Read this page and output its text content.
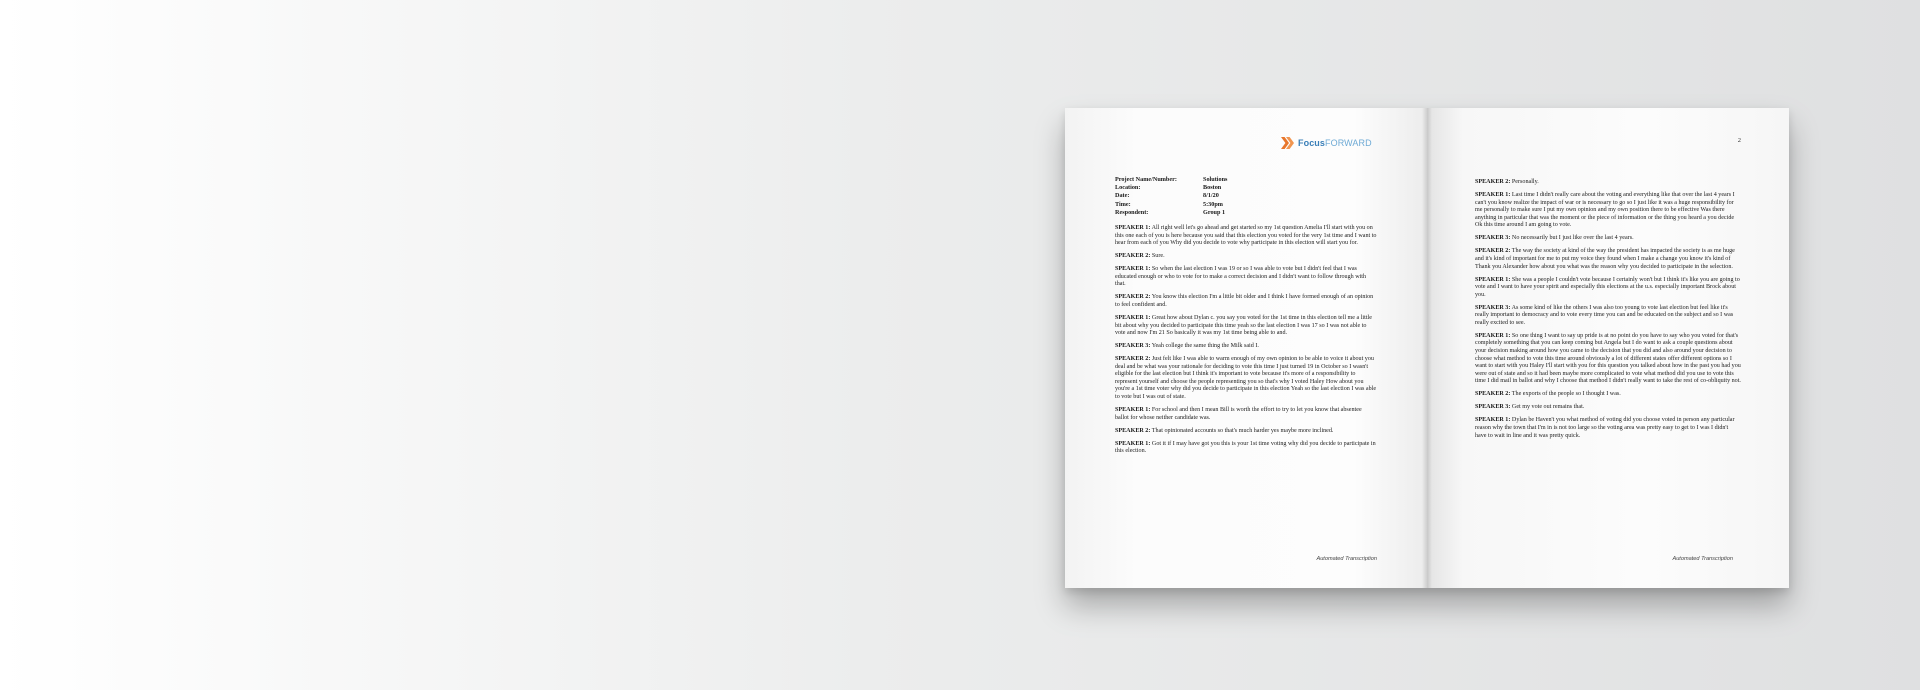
FocusFORWARD
Project Name/Number:	Solutions
Location:	Boston
Date:	8/1/20
Time:	5:30pm
Respondent:	Group 1

SPEAKER 1: All right well let's go ahead and get started so my 1st question Amelia I'll start with you on this one each of you is here because you said that this election you voted for the very 1st time and I want to hear from each of you Why did you decide to vote why participate in this election will start you for.

SPEAKER 2: Sure.

SPEAKER 1: So when the last election I was 19 or so I was able to vote but I didn't feel that I was educated enough or who to vote for to make a correct decision and I didn't want to follow through with that.

SPEAKER 2: You know this election I'm a little bit older and I think I have formed enough of an opinion to feel confident and.

SPEAKER 1: Great how about Dylan c. you say you voted for the 1st time in this election tell me a little bit about why you decided to participate this time yeah so the last election I was 17 so I was not able to vote and now I'm 21 So basically it was my 1st time being able to and.

SPEAKER 3: Yeah college the same thing the Milk said I.

SPEAKER 2: Just felt like I was able to warm enough of my own opinion to be able to voice it about you deal and be what was your rationale for deciding to vote this time I just turned 19 in October so I wasn't eligible for the last election but I think it's important to vote because it's more of a responsibility to represent yourself and choose the people representing you so that's why I voted Haley How about you you're a 1st time voter why did you decide to participate in this election Yeah so the last election I was able to vote but I was out of state.

SPEAKER 1: For school and then I mean Bill is worth the effort to try to let you know that absentee ballot for whose neither candidate was.

SPEAKER 2: That opinionated accounts so that's much harder yes maybe more inclined.

SPEAKER 1: Got it if I may have got you this is your 1st time voting why did you decide to participate in this election.

Automated Transcription
2

SPEAKER 2: Personally.

SPEAKER 1: Last time I didn't really care about the voting and everything like that over the last 4 years I can't you know realize the impact of war or is necessary to go so I just like it was a huge responsibility for me personally to make sure I put my own opinion and my own position there to be effective Was there anything in particular that was the moment or the piece of information or the thing you heard a you decide Ok this time around I am going to vote.

SPEAKER 3: No necessarily but I just like over the last 4 years.

SPEAKER 2: The way the society at kind of the way the president has impacted the society is as me huge and it's kind of important for me to put my voice they found when I make a change you know it's kind of Thank you Alexander how about you what was the reason why you decided to participate in the selection.

SPEAKER 1: She was a people I couldn't vote because I certainly won't but I think it's like you are going to vote and I want to have your spirit and especially this elections at the u.s. especially important Brock about you.

SPEAKER 3: As some kind of like the others I was also too young to vote last election but feel like it's really important to democracy and to vote every time you can and be educated on the subject and so I was really excited to see.

SPEAKER 1: So one thing I want to say up pride is at no point do you have to say who you voted for that's completely something that you can keep coming but Angela but I do want to ask a couple questions about your decision making around how you came to the decision that you did and also around your decision to choose what method to vote this time around obviously a lot of different states offer different options so I want to start with you Haley I'll start with you for this question you talked about how in the past you had you were out of state and so it had been maybe more complicated to vote what method did you use to vote this time I did mail in ballot and why I choose that method I didn't really want to take the rest of co-obliquity not.

SPEAKER 2: The exports of the people so I thought I was.

SPEAKER 3: Get my vote out remains that.

SPEAKER 1: Dylan be Haven't you what method of voting did you choose voted in person any particular reason why the town that I'm in is not too large so the voting area was pretty easy to get to I was I didn't have to wait in line and it was pretty quick.

Automated Transcription
